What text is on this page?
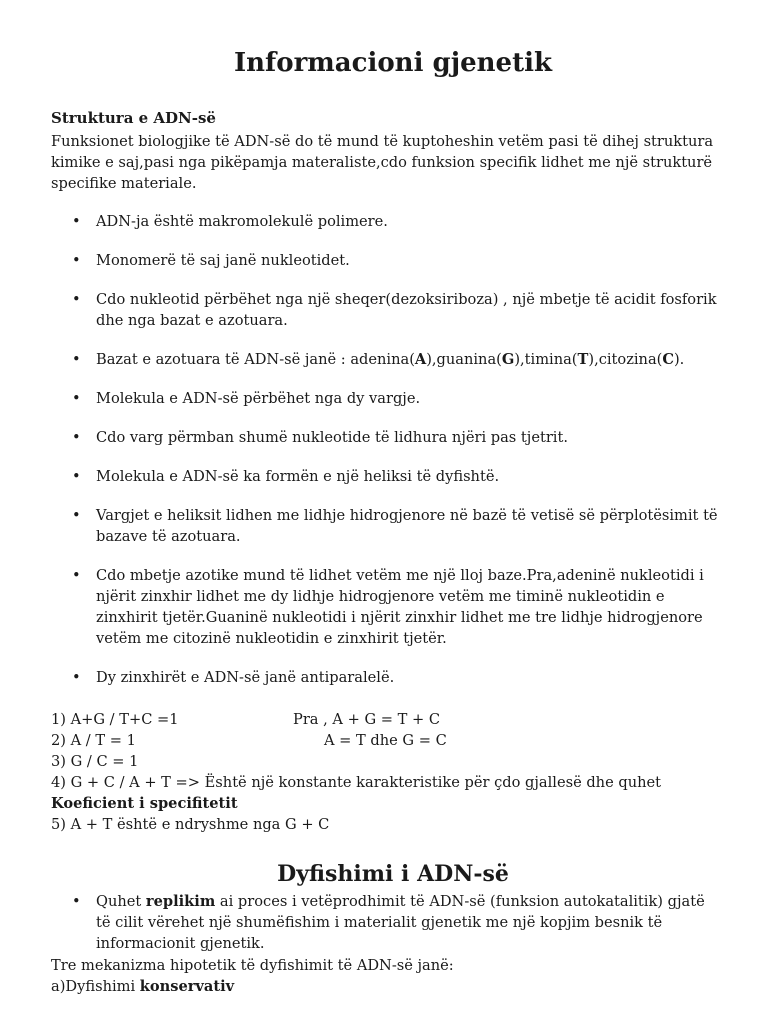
Informacioni gjenetik
Struktura e ADN-së

Funksionet biologjike të ADN-së do të mund të kuptoheshin vetëm pasi të dihej struktura kimike e saj,pasi nga pikëpamja materaliste,cdo funksion specifik lidhet me një strukturë specifike materiale.

• ADN-ja është makromolekulë polimere.
• Monomerë të saj janë nukleotidet.
• Cdo nukleotid përbëhet nga një sheqer(dezoksiriboza) , një mbetje të acidit fosforik dhe nga bazat e azotuara.
• Bazat e azotuara të ADN-së janë : adenina(A),guanina(G),timina(T),citozina(C).
• Molekula e ADN-së përbëhet nga dy vargje.
• Cdo varg përmban shumë nukleotide të lidhura njëri pas tjetrit.
• Molekula e ADN-së ka formën e një heliksi të dyfishtë.
• Vargjet e heliksit lidhen me lidhje hidrogjenore në bazë të vetisë së përplotësimit të bazave të azotuara.
• Cdo mbetje azotike mund të lidhet vetëm me një lloj baze.Pra,adeninë nukleotidi i njërit zinxhir lidhet me dy lidhje hidrogjenore vetëm me timinë nukleotidin e zinxhirit tjetër.Guaninë nukleotidi i njërit zinxhir lidhet me tre lidhje hidrogjenore vetëm me citozinë nukleotidin e zinxhirit tjetër.
• Dy zinxhirët e ADN-së janë antiparalelë.
1) A+G / T+C =1	Pra , A + G = T + C
2) A / T = 1	A = T dhe G = C
3) G / C = 1
4) G + C / A + T => Është një konstante karakteristike për çdo gjallesë dhe quhet
Koeficient i specifitetit
5) A + T është e ndryshme nga G + C
Dyfishimi i ADN-së
• Quhet replikim ai proces i vetëprodhimit të ADN-së (funksion autokatalitik) gjatë të cilit vërehet një shumëfishim i materialit gjenetik me një kopjim besnik të informacionit gjenetik.
Tre mekanizma hipotetik të dyfishimit të ADN-së janë:
a)Dyfishimi konservativ
